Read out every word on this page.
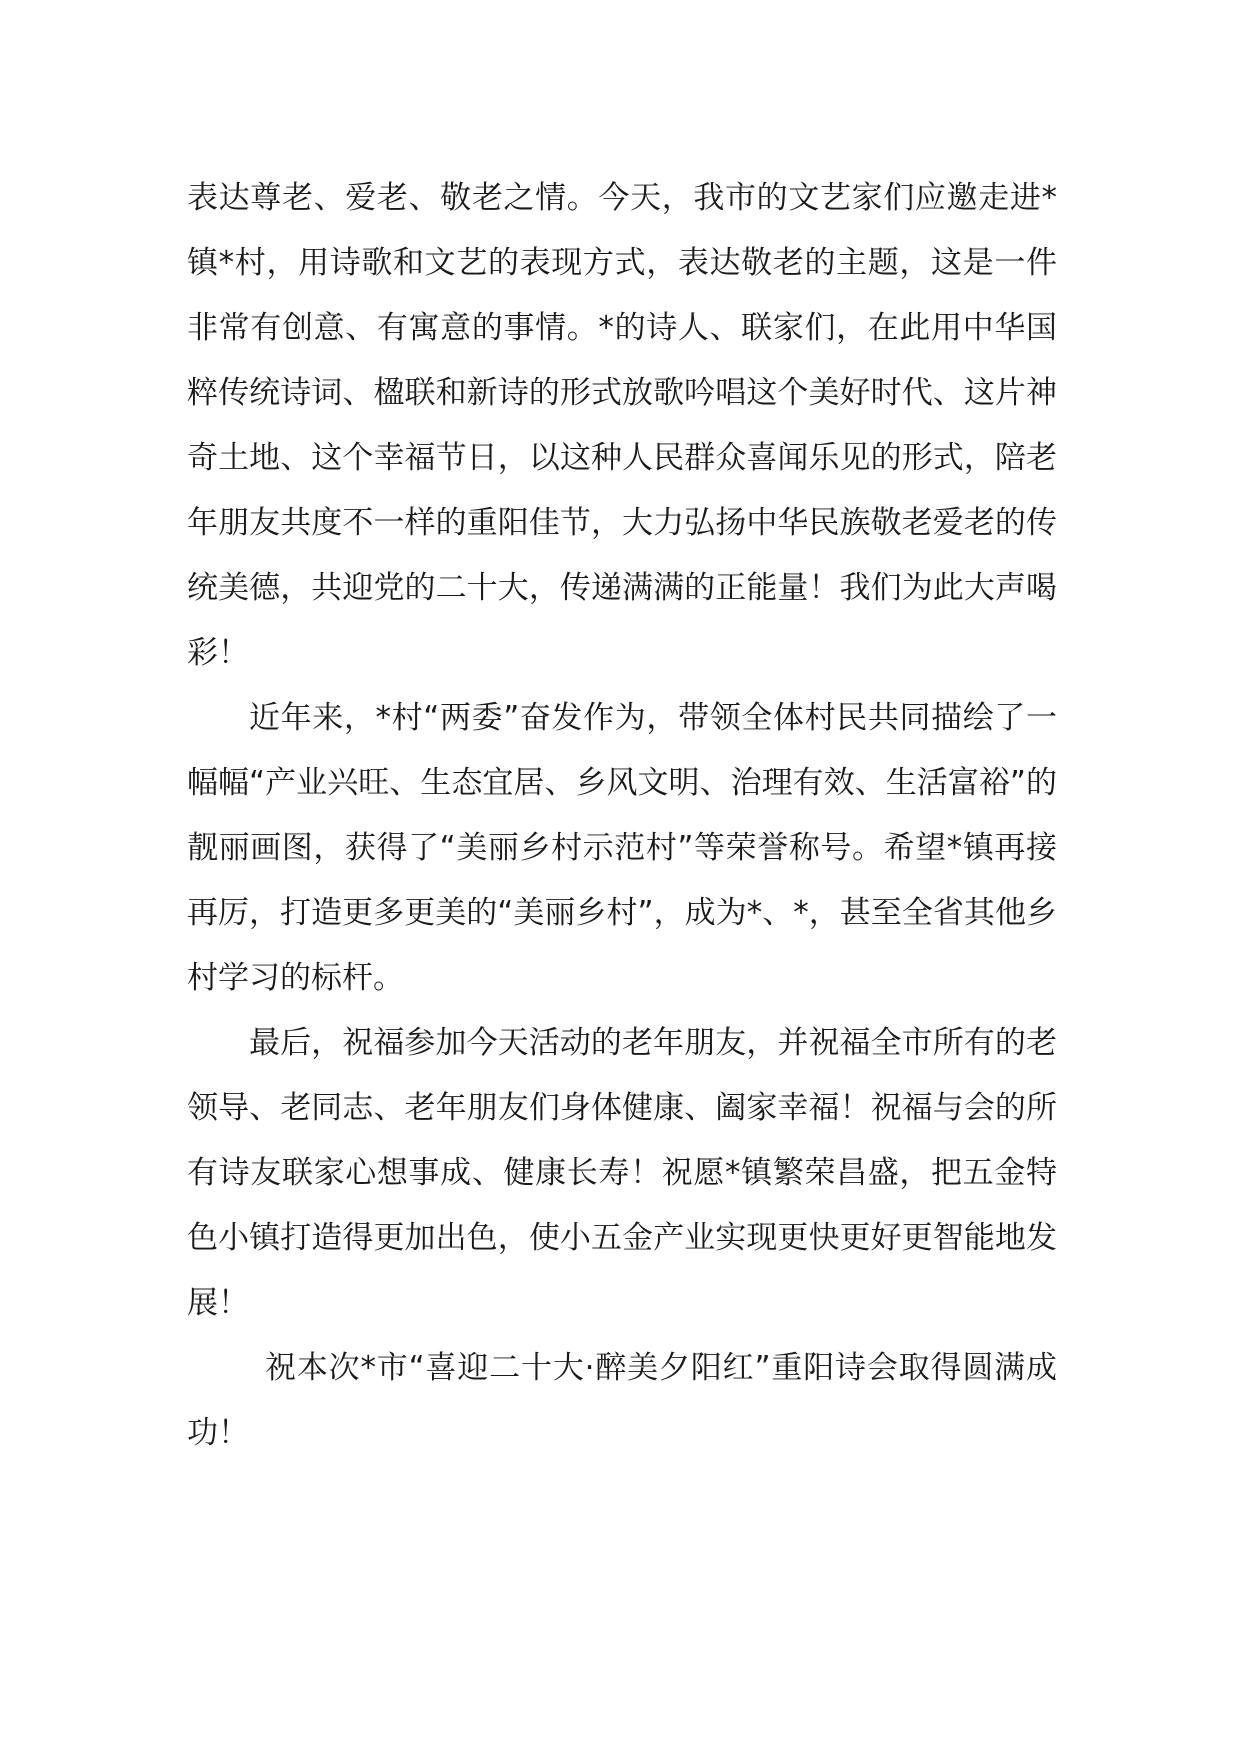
表达尊老、爱老、敬老之情。今天，我市的文艺家们应邀走进*镇*村，用诗歌和文艺的表现方式，表达敬老的主题，这是一件非常有创意、有寓意的事情。*的诗人、联家们，在此用中华国粹传统诗词、楹联和新诗的形式放歌吟唱这个美好时代、这片神奇土地、这个幸福节日，以这种人民群众喜闻乐见的形式，陪老年朋友共度不一样的重阳佳节，大力弘扬中华民族敬老爱老的传统美德，共迎党的二十大，传递满满的正能量！我们为此大声喝彩！

近年来，*村“两委”奋发作为，带领全体村民共同描绘了一幅幅“产业兴旺、生态宜居、乡风文明、治理有效、生活富裕”的靓丽画图，获得了“美丽乡村示范村”等荣誉称号。希望*镇再接再厉，打造更多更美的“美丽乡村”，成为*、*，甚至全省其他乡村学习的标杆。

最后，祝福参加今天活动的老年朋友，并祝福全市所有的老领导、老同志、老年朋友们身体健康、阖家幸福！祝福与会的所有诗友联家心想事成、健康长寿！祝愿*镇繁荣昌盛，把五金特色小镇打造得更加出色，使小五金产业实现更快更好更智能地发展！

祝本次*市“喜迎二十大·醉美夕阳红”重阳诗会取得圆满成功！
